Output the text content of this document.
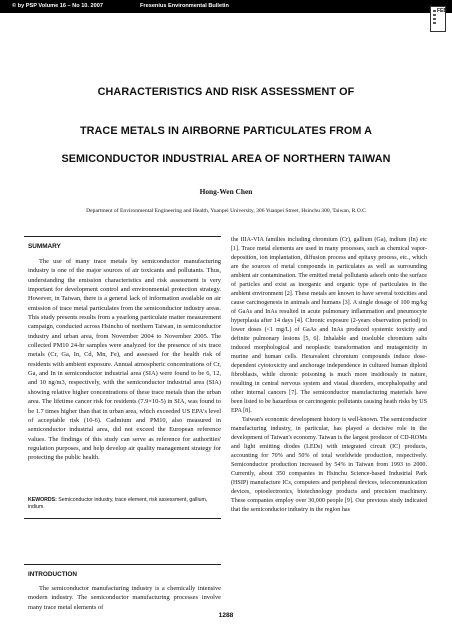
© by PSP Volume 16 – No 10. 2007	Fresenius Environmental Bulletin
FEB
CHARACTERISTICS AND RISK ASSESSMENT OF
TRACE METALS IN AIRBORNE PARTICULATES FROM A
SEMICONDUCTOR INDUSTRIAL AREA OF NORTHERN TAIWAN
Hong-Wen Chen
Department of Environmental Engineering and Health, Yuanpei University, 306 Yuanpei Street, Hsinchu 300, Taiwan, R.O.C
SUMMARY

The use of many trace metals by semiconductor manufacturing industry is one of the major sources of air toxicants and pollutants. Thus, understanding the emission characteristics and risk assessment is very important for development control and environmental protection strategy. However, in Taiwan, there is a general lack of information available on air emission of trace metal particulates from the semiconductor industry areas. This study presents results from a yearlong particulate matter measurement campaign, conducted across Hsinchu of northern Taiwan, in semiconductor industry and urban area, from November 2004 to November 2005. The collected PM10 24-hr samples were analyzed for the presence of six trace metals (Cr, Ga, In, Cd, Mn, Fe), and assessed for the health risk of residents with ambient exposure. Annual atmospheric concentrations of Cr, Ga, and In in semiconductor industrial area (SIA) were found to be 6, 12, and 10 ng/m3, respectively, with the semiconductor industrial area (SIA) showing relative higher concentrations of these trace metals than the urban area. The lifetime cancer risk for residents (7.9×10-5) in SIA, was found to be 1.7 times higher than that in urban area, which exceeded US EPA's level of acceptable risk (10-6). Cadmium and PM10, also measured in semiconductor industrial area, did not exceed the European reference values. The findings of this study can serve as reference for authorities' regulation purposes, and help develop air quality management strategy for protecting the public health.

KEWORDS: Semiconductor industry, trace element, risk assessment, gallium, indium.
INTRODUCTION

The semiconductor manufacturing industry is a chemically intensive modern industry. The semiconductor manufacturing processes involve many trace metal elements of

the IIIA-VIA families including chromium (Cr), gallium (Ga), indium (In) etc [1]. Trace metal elements are used in many processes, such as chemical vapor-deposition, ion implantation, diffusion process and epitaxy process, etc., which are the sources of metal compounds in particulates as well as surrounding ambient air contamination. The emitted metal pollutants adsorb onto the surface of particles and exist as inorganic and organic type of particulates in the ambient environment [2]. These metals are known to have several toxicities and cause carcinogenesis in animals and humans [3]. A single dosage of 100 mg/kg of GaAs and InAs resulted in acute pulmonary inflammation and pneumocyte hyperplasia after 14 days [4]. Chronic exposure (2-years observation period) to lower doses (<1 mg/L) of GaAs and InAs produced systemic toxicity and definite pulmonary lesions [5, 6]. Inhalable and insoluble chromium salts induced morphological and neoplastic transformation and mutagenicity in murine and human cells. Hexavalent chromium compounds induce dose-dependent cytotoxicity and anchorage independence in cultured human diploid fibroblasts, while chronic poisoning is much more insidiously in nature, resulting in central nervous system and visual disorders, encephalopathy and other internal cancers [7]. The semiconductor manufacturing materials have been listed to be hazardous or carcinogenic pollutants causing heath risks by US EPA [8].

Taiwan's economic development history is well-known. The semiconductor manufacturing industry, in particular, has played a decisive role in the development of Taiwan's economy. Taiwan is the largest producer of CD-ROMs and light emitting diodes (LEDs) with integrated circuit (IC) products, accounting for 70% and 50% of total worldwide production, respectively. Semiconductor production increased by 54% in Taiwan from 1993 to 2000. Currently, about 350 companies in Hsinchu Science-based Industrial Park (HSIP) manufacture ICs, computers and peripheral devices, telecommunication devices, optoelectronics, biotechnology products and precision machinery. These companies employ over 30,000 people [9]. Our previous study indicated that the semiconductor industry in the region has

1288
